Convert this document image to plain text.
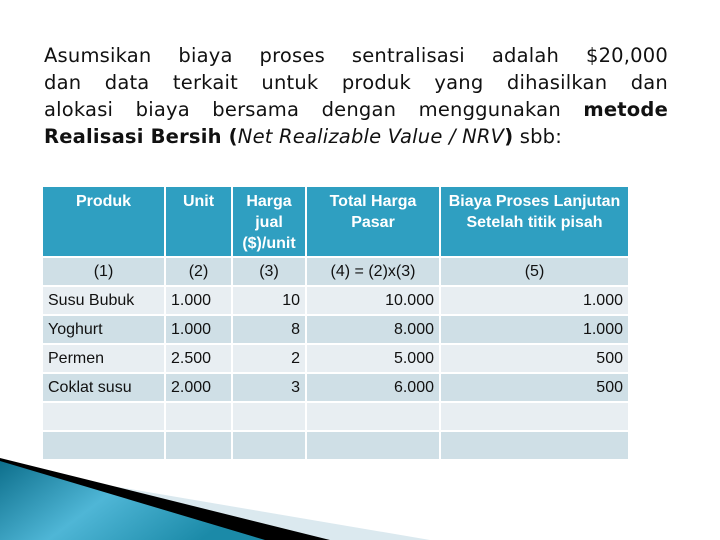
Asumsikan biaya proses sentralisasi adalah $20,000
dan data terkait untuk produk yang dihasilkan dan
alokasi biaya bersama dengan menggunakan metode
Realisasi Bersih (Net Realizable Value / NRV) sbb:
Produk	Unit	Harga jual ($)/unit	Total Harga Pasar	Biaya Proses Lanjutan Setelah titik pisah
(1)	(2)	(3)	(4) = (2)x(3)	(5)
Susu Bubuk	1.000	10	10.000	1.000
Yoghurt	1.000	8	8.000	1.000
Permen	2.500	2	5.000	500
Coklat susu	2.000	3	6.000	500
